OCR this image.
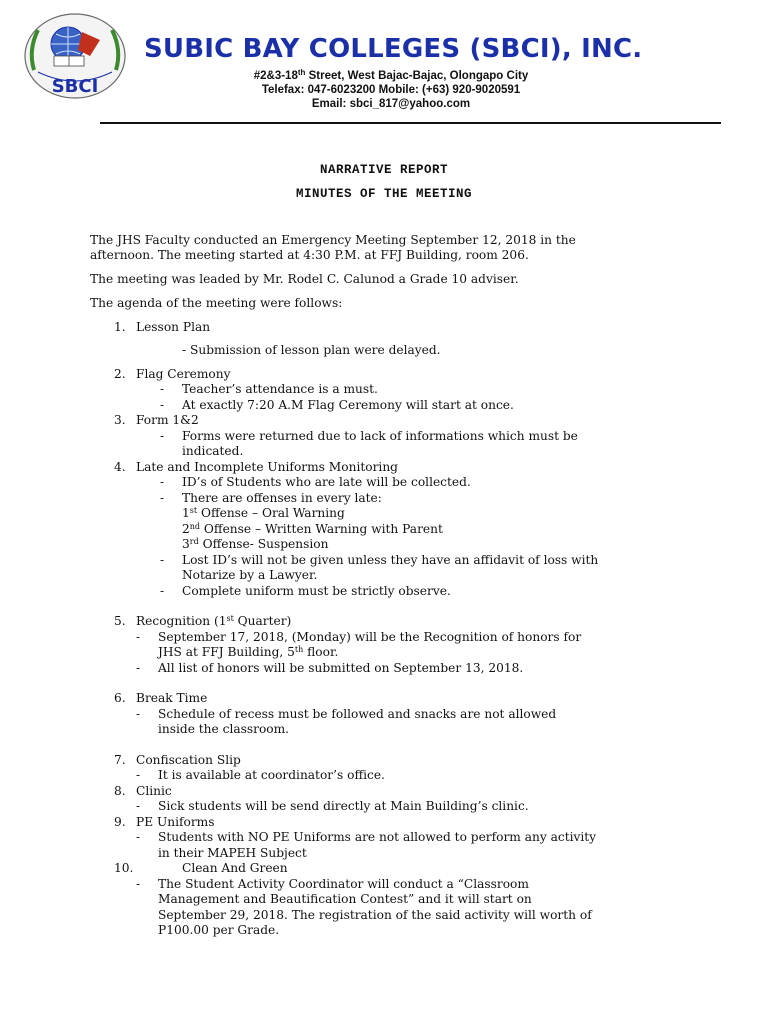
SBCI
SUBIC BAY COLLEGES (SBCI), INC.
#2&3-18th Street, West Bajac-Bajac, Olongapo City
Telefax: 047-6023200 Mobile: (+63) 920-9020591
Email: sbci_817@yahoo.com
NARRATIVE REPORT
MINUTES OF THE MEETING
The JHS Faculty conducted an Emergency Meeting September 12, 2018 in the
afternoon. The meeting started at 4:30 P.M. at FFJ Building, room 206.
The meeting was leaded by Mr. Rodel C. Calunod a Grade 10 adviser.
The agenda of the meeting were follows:
1. Lesson Plan
- Submission of lesson plan were delayed.
2. Flag Ceremony
- Teacher’s attendance is a must.
- At exactly 7:20 A.M Flag Ceremony will start at once.
3. Form 1&2
- Forms were returned due to lack of informations which must be
indicated.
4. Late and Incomplete Uniforms Monitoring
- ID’s of Students who are late will be collected.
- There are offenses in every late:
1st Offense – Oral Warning
2nd Offense – Written Warning with Parent
3rd Offense- Suspension
- Lost ID’s will not be given unless they have an affidavit of loss with
Notarize by a Lawyer.
- Complete uniform must be strictly observe.
5. Recognition (1st Quarter)
- September 17, 2018, (Monday) will be the Recognition of honors for
JHS at FFJ Building, 5th floor.
- All list of honors will be submitted on September 13, 2018.
6. Break Time
- Schedule of recess must be followed and snacks are not allowed
inside the classroom.
7. Confiscation Slip
- It is available at coordinator’s office.
8. Clinic
- Sick students will be send directly at Main Building’s clinic.
9. PE Uniforms
- Students with NO PE Uniforms are not allowed to perform any activity
in their MAPEH Subject
10.	Clean And Green
- The Student Activity Coordinator will conduct a “Classroom
Management and Beautification Contest” and it will start on
September 29, 2018. The registration of the said activity will worth of
P100.00 per Grade.
